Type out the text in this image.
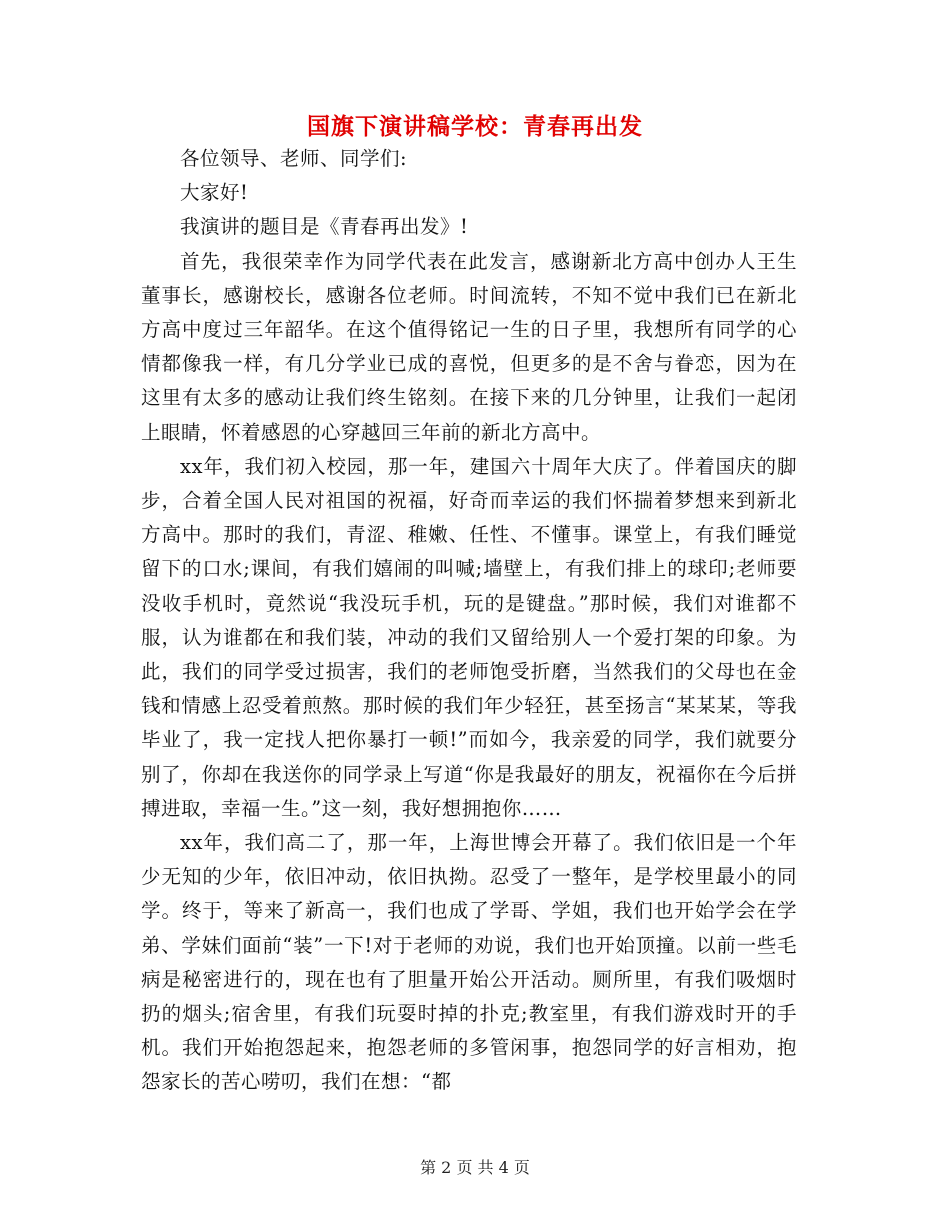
国旗下演讲稿学校：青春再出发

各位领导、老师、同学们:

大家好!

我演讲的题目是《青春再出发》!

首先，我很荣幸作为同学代表在此发言，感谢新北方高中创办人王生董事长，感谢校长，感谢各位老师。时间流转，不知不觉中我们已在新北方高中度过三年韶华。在这个值得铭记一生的日子里，我想所有同学的心情都像我一样，有几分学业已成的喜悦，但更多的是不舍与眷恋，因为在这里有太多的感动让我们终生铭刻。在接下来的几分钟里，让我们一起闭上眼睛，怀着感恩的心穿越回三年前的新北方高中。

xx年，我们初入校园，那一年，建国六十周年大庆了。伴着国庆的脚步，合着全国人民对祖国的祝福，好奇而幸运的我们怀揣着梦想来到新北方高中。那时的我们，青涩、稚嫩、任性、不懂事。课堂上，有我们睡觉留下的口水;课间，有我们嬉闹的叫喊;墙壁上，有我们排上的球印;老师要没收手机时，竟然说“我没玩手机，玩的是键盘。”那时候，我们对谁都不服，认为谁都在和我们装，冲动的我们又留给别人一个爱打架的印象。为此，我们的同学受过损害，我们的老师饱受折磨，当然我们的父母也在金钱和情感上忍受着煎熬。那时候的我们年少轻狂，甚至扬言“某某某，等我毕业了，我一定找人把你暴打一顿!”而如今，我亲爱的同学，我们就要分别了，你却在我送你的同学录上写道“你是我最好的朋友，祝福你在今后拼搏进取，幸福一生。”这一刻，我好想拥抱你……

xx年，我们高二了，那一年，上海世博会开幕了。我们依旧是一个年少无知的少年，依旧冲动，依旧执拗。忍受了一整年，是学校里最小的同学。终于，等来了新高一，我们也成了学哥、学姐，我们也开始学会在学弟、学妹们面前“装”一下!对于老师的劝说，我们也开始顶撞。以前一些毛病是秘密进行的，现在也有了胆量开始公开活动。厕所里，有我们吸烟时扔的烟头;宿舍里，有我们玩耍时掉的扑克;教室里，有我们游戏时开的手机。我们开始抱怨起来，抱怨老师的多管闲事，抱怨同学的好言相劝，抱怨家长的苦心唠叨，我们在想：“都

第 2 页 共 4 页
